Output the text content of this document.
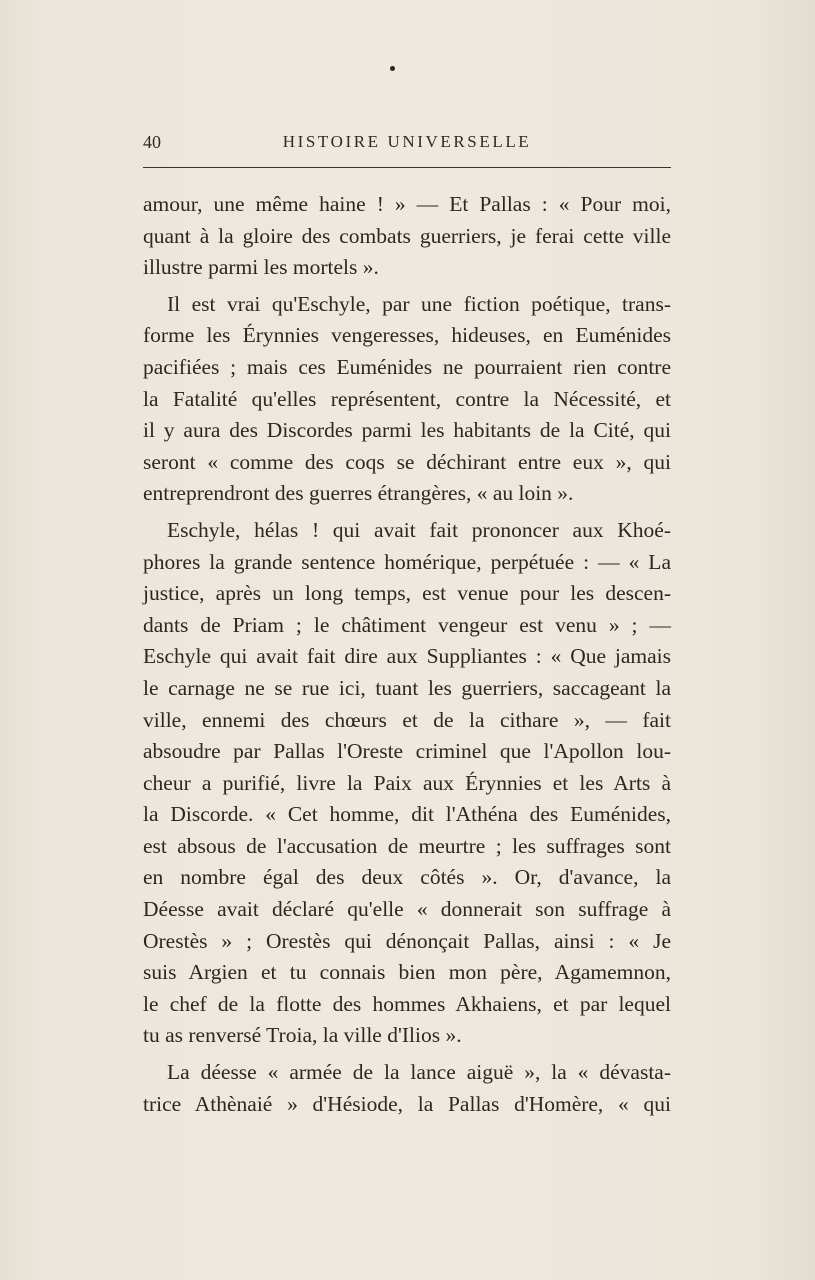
40	HISTOIRE UNIVERSELLE

amour, une même haine ! » — Et Pallas : « Pour moi,
quant à la gloire des combats guerriers, je ferai cette ville
illustre parmi les mortels ».

Il est vrai qu'Eschyle, par une fiction poétique, trans-
forme les Érynnies vengeresses, hideuses, en Euménides
pacifiées ; mais ces Euménides ne pourraient rien contre
la Fatalité qu'elles représentent, contre la Nécessité, et
il y aura des Discordes parmi les habitants de la Cité, qui
seront « comme des coqs se déchirant entre eux », qui
entreprendront des guerres étrangères, « au loin ».

Eschyle, hélas ! qui avait fait prononcer aux Khoé-
phores la grande sentence homérique, perpétuée : — « La
justice, après un long temps, est venue pour les descen-
dants de Priam ; le châtiment vengeur est venu » ; —
Eschyle qui avait fait dire aux Suppliantes : « Que jamais
le carnage ne se rue ici, tuant les guerriers, saccageant la
ville, ennemi des chœurs et de la cithare », — fait
absoudre par Pallas l'Oreste criminel que l'Apollon lou-
cheur a purifié, livre la Paix aux Érynnies et les Arts à
la Discorde. « Cet homme, dit l'Athéna des Euménides,
est absous de l'accusation de meurtre ; les suffrages sont
en nombre égal des deux côtés ». Or, d'avance, la
Déesse avait déclaré qu'elle « donnerait son suffrage à
Orestès » ; Orestès qui dénonçait Pallas, ainsi : « Je
suis Argien et tu connais bien mon père, Agamemnon,
le chef de la flotte des hommes Akhaiens, et par lequel
tu as renversé Troia, la ville d'Ilios ».

La déesse « armée de la lance aiguë », la « dévasta-
trice Athènaié » d'Hésiode, la Pallas d'Homère, « qui
